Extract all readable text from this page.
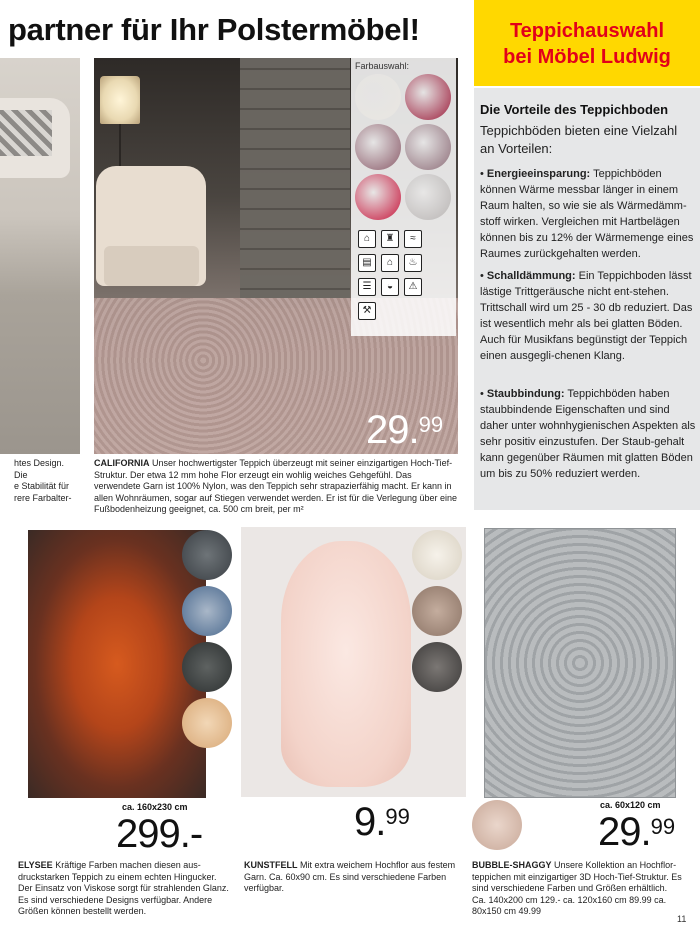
partner für Ihr Polstermöbel!	Teppichauswahl
bei Möbel Ludwig
Die Vorteile des Teppichboden
Teppichböden bieten eine Vielzahl an Vorteilen:
• Energieeinsparung: Teppichböden können Wärme messbar länger in einem Raum halten, so wie sie als Wärmedämm-stoff wirken. Vergleichen mit Hartbelägen können bis zu 12% der Wärmemenge eines Raumes zurückgehalten werden.
• Schalldämmung: Ein Teppichboden lässt lästige Trittgeräusche nicht ent-stehen. Trittschall wird um 25 - 30 db reduziert. Das ist wesentlich mehr als bei glatten Böden. Auch für Musikfans begünstigt der Teppich einen ausgegli-chenen Klang.
• Staubbindung: Teppichböden haben staubbindende Eigenschaften und sind daher unter wohnhygienischen Aspekten als sehr positiv einzustufen. Der Staub-gehalt kann gegenüber Räumen mit glatten Böden um bis zu 50% reduziert werden.
htes Design. Die
e Stabilität für
rere Farbalter-
Farbauswahl:
⌂	♜	≈
▤	⌂	♨
☰	◒	⚠
⚒
29.99
CALIFORNIA Unser hochwertigster Teppich überzeugt mit seiner einzigartigen Hoch-Tief-Struktur. Der etwa 12 mm hohe Flor erzeugt ein wohlig weiches Gehgefühl. Das verwendete Garn ist 100% Nylon, was den Teppich sehr strapazierfähig macht. Er kann in allen Wohnräumen, sogar auf Stiegen verwendet werden. Er ist für die Verlegung über eine Fußbodenheizung geeignet, ca. 500 cm breit, per m²
ca. 160x230 cm
299.-
ELYSEE Kräftige Farben machen diesen aus-druckstarken Teppich zu einem echten Hingucker. Der Einsatz von Viskose sorgt für strahlenden Glanz. Es sind verschiedene Designs verfügbar. Andere Größen können bestellt werden.
9.99
KUNSTFELL Mit extra weichem Hochflor aus festem Garn. Ca. 60x90 cm. Es sind verschiedene Farben verfügbar.
ca. 60x120 cm
29.99
BUBBLE-SHAGGY Unsere Kollektion an Hochflor-teppichen mit einzigartiger 3D Hoch-Tief-Struktur. Es sind verschiedene Farben und Größen erhältlich.
Ca. 140x200 cm 129.- ca. 120x160 cm 89.99 ca.
80x150 cm 49.99
11
